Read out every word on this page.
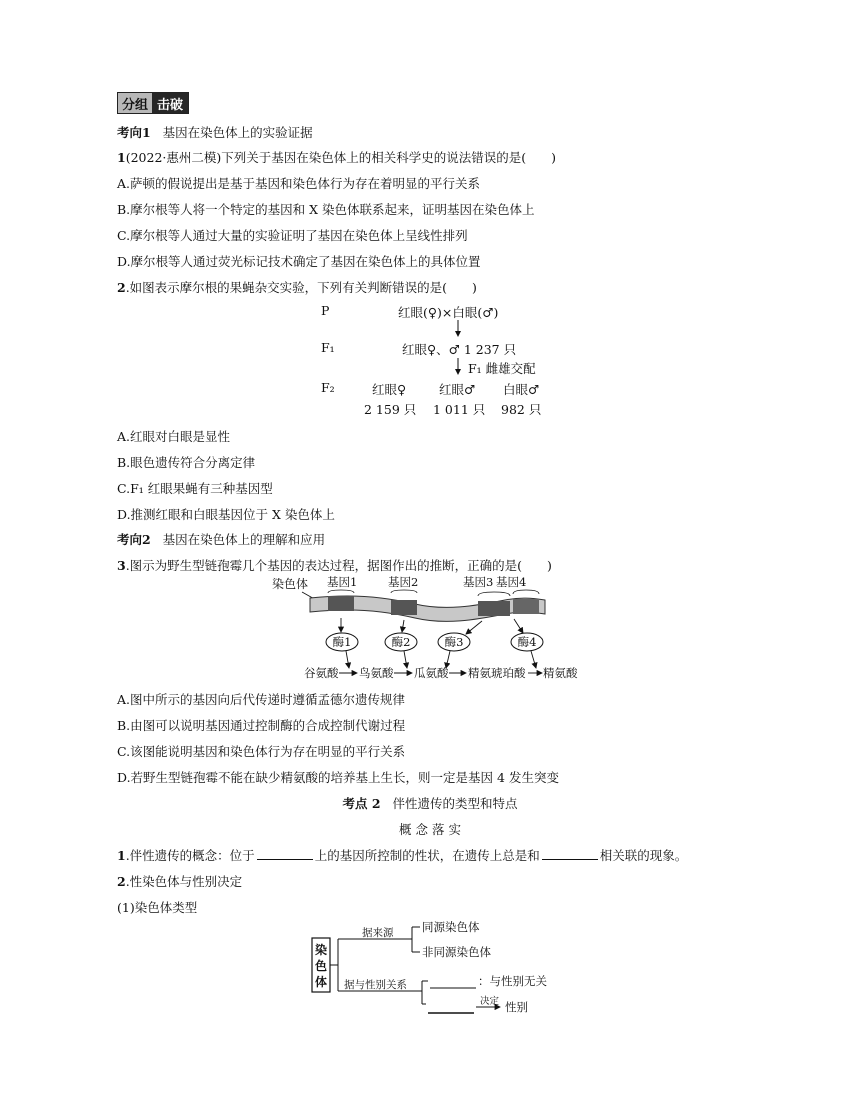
分组 击破
考向1 基因在染色体上的实验证据
1(2022·惠州二模)下列关于基因在染色体上的相关科学史的说法错误的是(　　)
A.萨顿的假说提出是基于基因和染色体行为存在着明显的平行关系
B.摩尔根等人将一个特定的基因和 X 染色体联系起来，证明基因在染色体上
C.摩尔根等人通过大量的实验证明了基因在染色体上呈线性排列
D.摩尔根等人通过荧光标记技术确定了基因在染色体上的具体位置
2.如图表示摩尔根的果蝇杂交实验，下列有关判断错误的是(　　)
P	红眼(♀)×白眼(♂)
F₁	红眼♀、♂ 1 237 只
F₁ 雌雄交配
F₂	红眼♀	红眼♂ 白眼♂
2 159 只 1 011 只 982 只
A.红眼对白眼是显性
B.眼色遗传符合分离定律
C.F₁ 红眼果蝇有三种基因型
D.推测红眼和白眼基因位于 X 染色体上
考向2 基因在染色体上的理解和应用
3.图示为野生型链孢霉几个基因的表达过程，据图作出的推断，正确的是(　　)
染色体 基因1	基因2	基因3 基因4
酶1	酶2	酶3	酶4
谷氨酸 鸟氨酸 瓜氨酸 精氨琥珀酸 精氨酸
A.图中所示的基因向后代传递时遵循孟德尔遗传规律
B.由图可以说明基因通过控制酶的合成控制代谢过程
C.该图能说明基因和染色体行为存在明显的平行关系
D.若野生型链孢霉不能在缺少精氨酸的培养基上生长，则一定是基因 4 发生突变
考点 2 伴性遗传的类型和特点
概 念 落 实
1.伴性遗传的概念：位于	上的基因所控制的性状，在遗传上总是和	相关联的现象。
2.性染色体与性别决定
(1)染色体类型
染
色
体
据来源
据与性别关系
同源染色体
非同源染色体
：与性别无关
决定 性别
